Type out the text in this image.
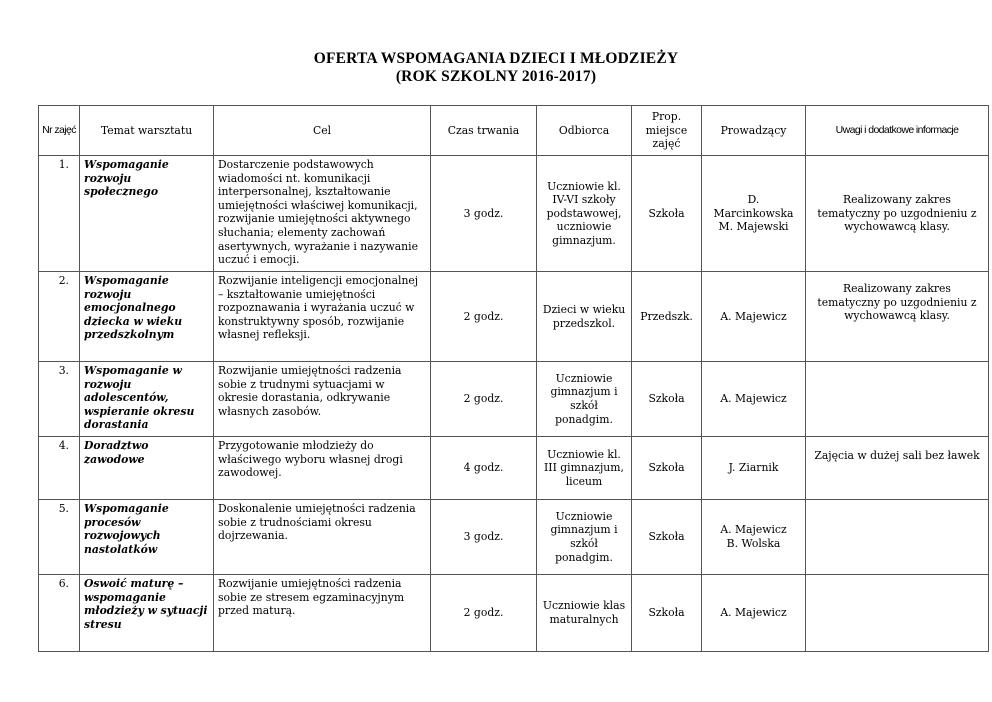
OFERTA WSPOMAGANIA DZIECI I MŁODZIEŻY
(ROK SZKOLNY 2016-2017)
Nr zajęć	Temat warsztatu	Cel	Czas trwania	Odbiorca	Prop. miejsce zajęć	Prowadzący	Uwagi i dodatkowe informacje
1.	Wspomaganie rozwoju społecznego	Dostarczenie podstawowych wiadomości nt. komunikacji interpersonalnej, kształtowanie umiejętności właściwej komunikacji, rozwijanie umiejętności aktywnego słuchania; elementy zachowań asertywnych, wyrażanie i nazywanie uczuć i emocji.	3 godz.	Uczniowie kl. IV-VI szkoły podstawowej, uczniowie gimnazjum.	Szkoła	D. Marcinkowska
M. Majewski	Realizowany zakres tematyczny po uzgodnieniu z wychowawcą klasy.
2.	Wspomaganie rozwoju emocjonalnego dziecka w wieku przedszkolnym	Rozwijanie inteligencji emocjonalnej – kształtowanie umiejętności rozpoznawania i wyrażania uczuć w konstruktywny sposób, rozwijanie własnej refleksji.	2 godz.	Dzieci w wieku przedszkol.	Przedszk.	A. Majewicz	Realizowany zakres tematyczny po uzgodnieniu z wychowawcą klasy.
3.	Wspomaganie w rozwoju adolescentów, wspieranie okresu dorastania	Rozwijanie umiejętności radzenia sobie z trudnymi sytuacjami w okresie dorastania, odkrywanie własnych zasobów.	2 godz.	Uczniowie gimnazjum i szkół ponadgim.	Szkoła	A. Majewicz	

4.	Doradztwo zawodowe	Przygotowanie młodzieży do właściwego wyboru własnej drogi zawodowej.	4 godz.	Uczniowie kl. III gimnazjum, liceum	Szkoła	J. Ziarnik	Zajęcia w dużej sali bez ławek
5.	Wspomaganie procesów rozwojowych nastolatków	Doskonalenie umiejętności radzenia sobie z trudnościami okresu dojrzewania.	3 godz.	Uczniowie gimnazjum i szkół ponadgim.	Szkoła	A. Majewicz
B. Wolska	

6.	Oswoić maturę – wspomaganie młodzieży w sytuacji stresu	Rozwijanie umiejętności radzenia sobie ze stresem egzaminacyjnym przed maturą.	2 godz.	Uczniowie klas maturalnych	Szkoła	A. Majewicz	
